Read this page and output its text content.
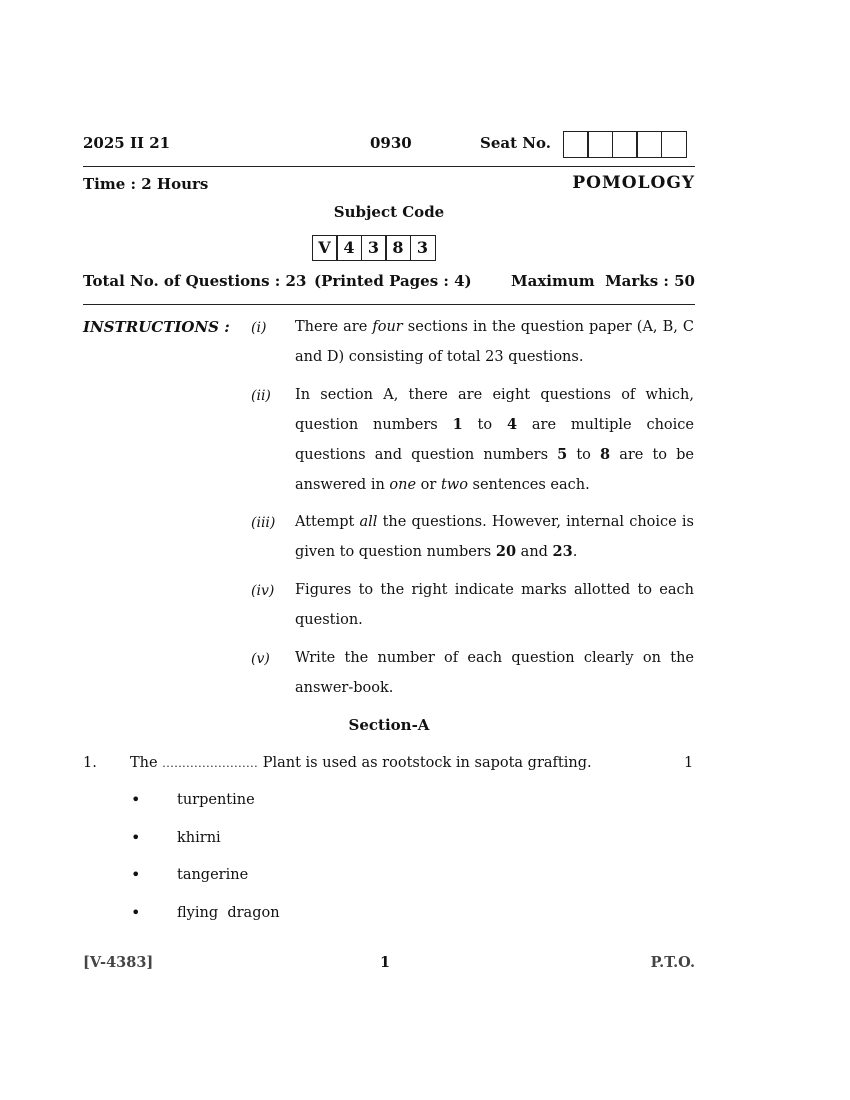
2025 II 21	0930	Seat No.
Time : 2 Hours	POMOLOGY
Subject Code
V 4 3 8 3
Total No. of Questions : 23 (Printed Pages : 4)	Maximum  Marks : 50
INSTRUCTIONS : (i) There are four sections in the question paper (A, B, C and D) consisting of total 23 questions.
(ii) In section A, there are eight questions of which, question numbers 1 to 4 are multiple choice questions and question numbers 5 to 8 are to be answered in one or two sentences each.
(iii) Attempt all the questions. However, internal choice is given to question numbers 20 and 23.
(iv) Figures to the right indicate marks allotted to each question.
(v) Write the number of each question clearly on the answer-book.
Section-A
1. The ........................ Plant is used as rootstock in sapota grafting.	1
•	turpentine
•	khirni
•	tangerine
•	flying  dragon
[V-4383]	1	P.T.O.
